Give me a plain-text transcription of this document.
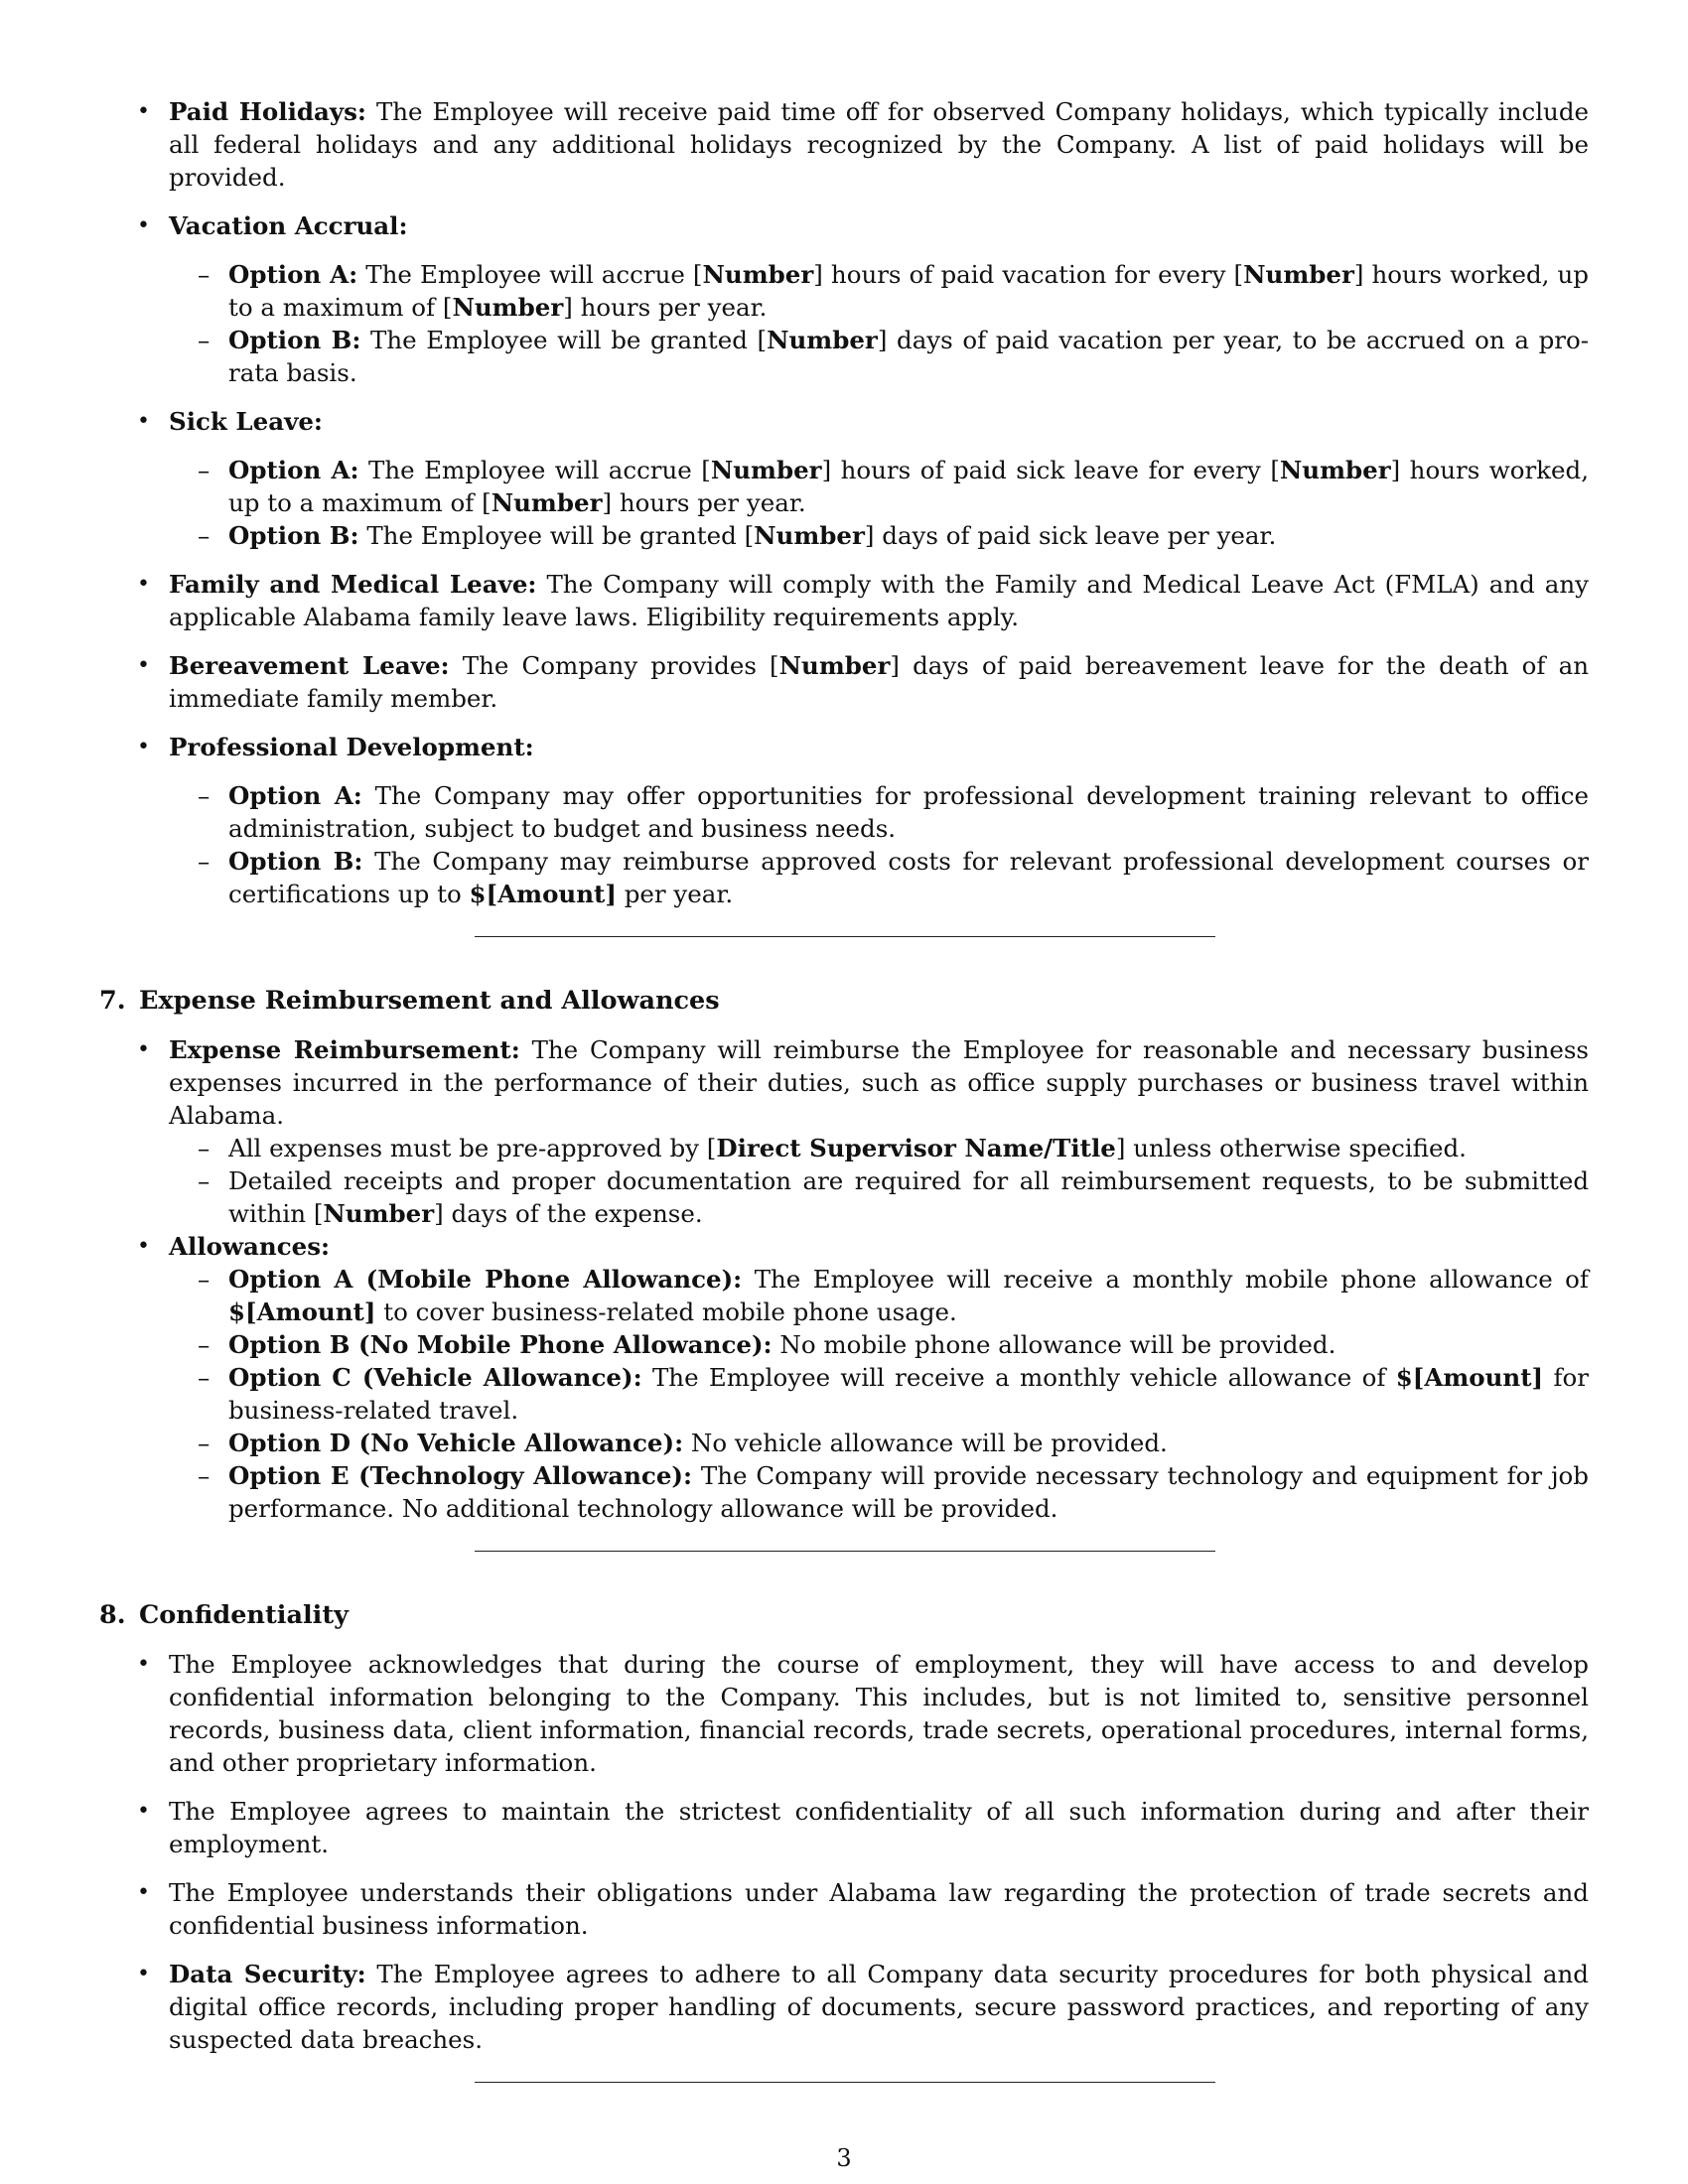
• Paid Holidays: The Employee will receive paid time off for observed Company holidays, which typically include all federal holidays and any additional holidays recognized by the Company. A list of paid holidays will be provided.
• Vacation Accrual:
– Option A: The Employee will accrue [Number] hours of paid vacation for every [Number] hours worked, up to a maximum of [Number] hours per year.
– Option B: The Employee will be granted [Number] days of paid vacation per year, to be accrued on a pro-rata basis.
• Sick Leave:
– Option A: The Employee will accrue [Number] hours of paid sick leave for every [Number] hours worked, up to a maximum of [Number] hours per year.
– Option B: The Employee will be granted [Number] days of paid sick leave per year.
• Family and Medical Leave: The Company will comply with the Family and Medical Leave Act (FMLA) and any applicable Alabama family leave laws. Eligibility requirements apply.
• Bereavement Leave: The Company provides [Number] days of paid bereavement leave for the death of an immediate family member.
• Professional Development:
– Option A: The Company may offer opportunities for professional development training relevant to office administration, subject to budget and business needs.
– Option B: The Company may reimburse approved costs for relevant professional development courses or certifications up to $[Amount] per year.
7. Expense Reimbursement and Allowances
• Expense Reimbursement: The Company will reimburse the Employee for reasonable and necessary business expenses incurred in the performance of their duties, such as office supply purchases or business travel within Alabama.
– All expenses must be pre-approved by [Direct Supervisor Name/Title] unless otherwise specified.
– Detailed receipts and proper documentation are required for all reimbursement requests, to be submitted within [Number] days of the expense.
• Allowances:
– Option A (Mobile Phone Allowance): The Employee will receive a monthly mobile phone allowance of $[Amount] to cover business-related mobile phone usage.
– Option B (No Mobile Phone Allowance): No mobile phone allowance will be provided.
– Option C (Vehicle Allowance): The Employee will receive a monthly vehicle allowance of $[Amount] for business-related travel.
– Option D (No Vehicle Allowance): No vehicle allowance will be provided.
– Option E (Technology Allowance): The Company will provide necessary technology and equipment for job performance. No additional technology allowance will be provided.
8. Confidentiality
• The Employee acknowledges that during the course of employment, they will have access to and develop confidential information belonging to the Company. This includes, but is not limited to, sensitive personnel records, business data, client information, financial records, trade secrets, operational procedures, internal forms, and other proprietary information.
• The Employee agrees to maintain the strictest confidentiality of all such information during and after their employment.
• The Employee understands their obligations under Alabama law regarding the protection of trade secrets and confidential business information.
• Data Security: The Employee agrees to adhere to all Company data security procedures for both physical and digital office records, including proper handling of documents, secure password practices, and reporting of any suspected data breaches.
3
